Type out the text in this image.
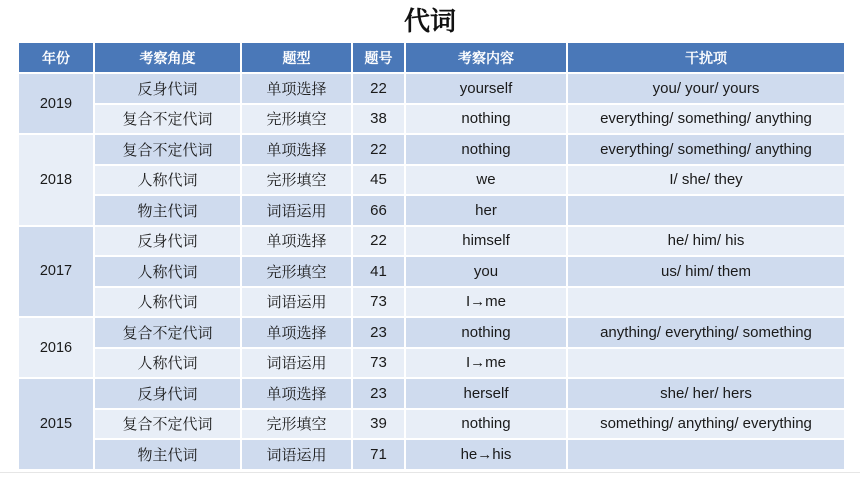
代词
年份	考察角度	题型	题号	考察内容	干扰项
2019	反身代词	单项选择	22	yourself	you/ your/ yours
	复合不定代词	完形填空	38	nothing	everything/ something/ anything
2018	复合不定代词	单项选择	22	nothing	everything/ something/ anything
	人称代词	完形填空	45	we	I/ she/ they
	物主代词	词语运用	66	her	
2017	反身代词	单项选择	22	himself	he/ him/ his
	人称代词	完形填空	41	you	us/ him/ them
	人称代词	词语运用	73	I→me	
2016	复合不定代词	单项选择	23	nothing	anything/ everything/ something
	人称代词	词语运用	73	I→me	
2015	反身代词	单项选择	23	herself	she/ her/ hers
	复合不定代词	完形填空	39	nothing	something/ anything/ everything
	物主代词	词语运用	71	he→his	
